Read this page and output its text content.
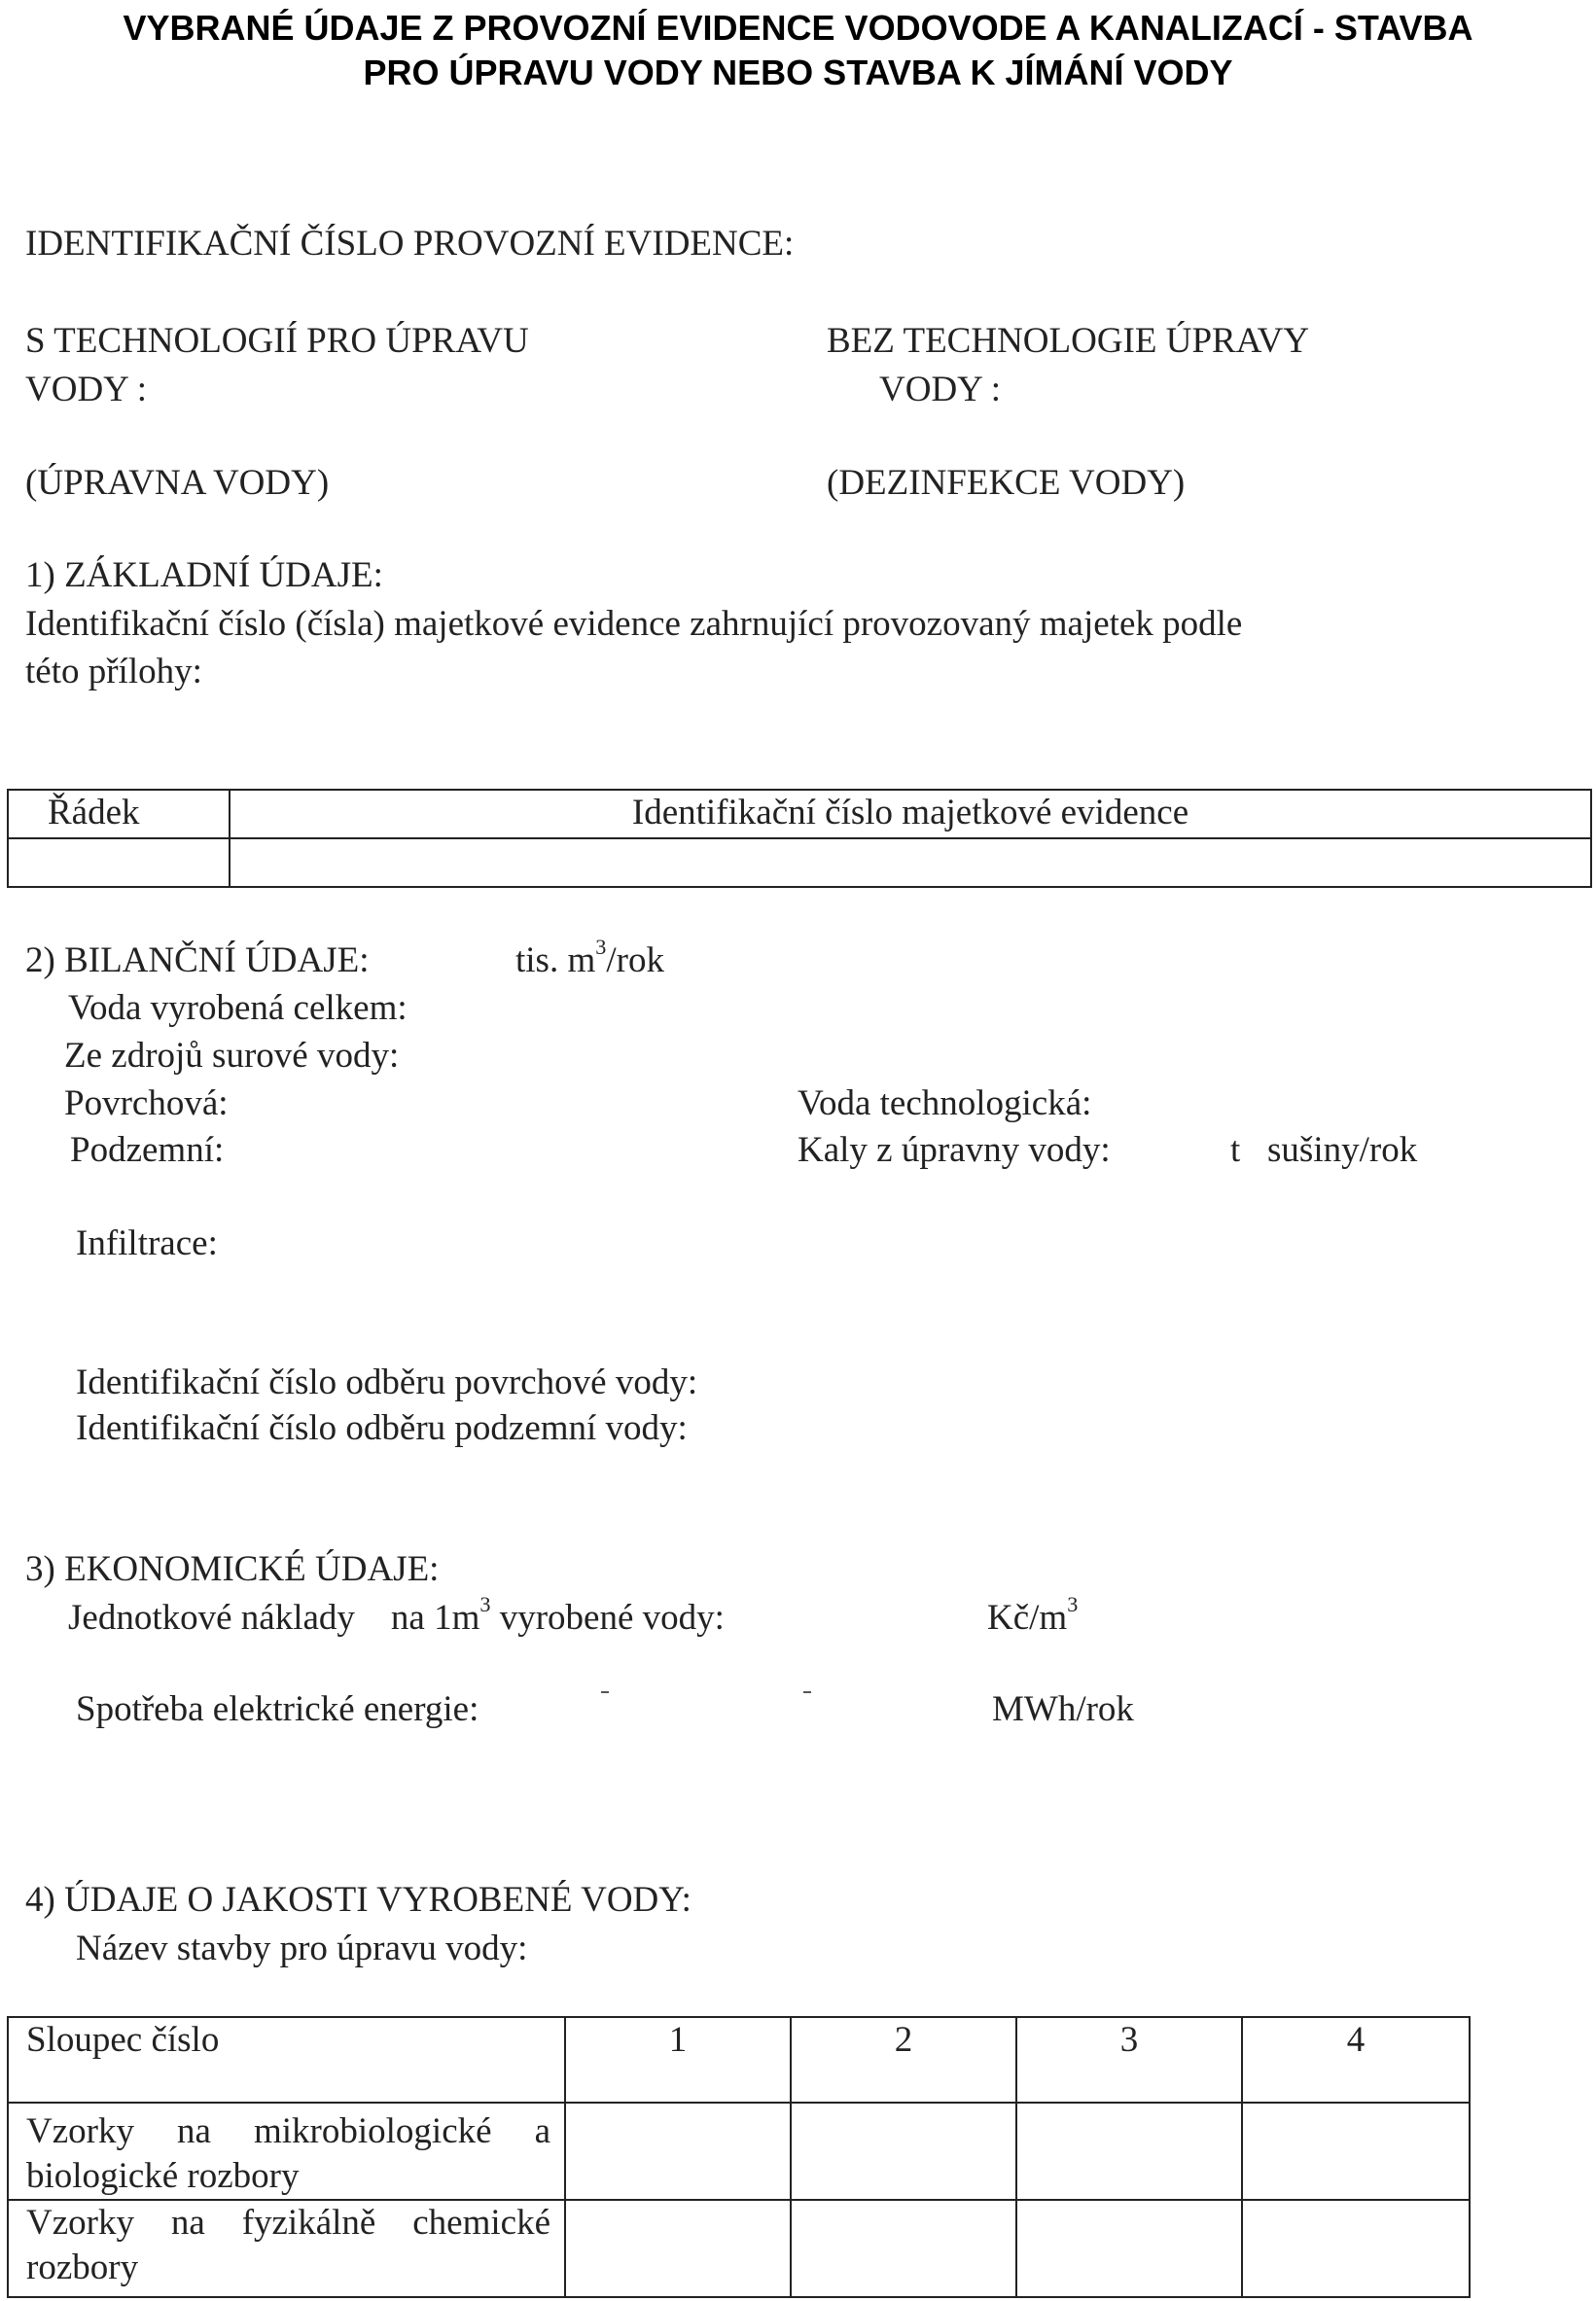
VYBRANÉ ÚDAJE Z PROVOZNÍ EVIDENCE VODOVODE A KANALIZACÍ - STAVBA
PRO ÚPRAVU VODY NEBO STAVBA K JÍMÁNÍ VODY
IDENTIFIKAČNÍ ČÍSLO PROVOZNÍ EVIDENCE:
S TECHNOLOGIÍ PRO ÚPRAVU
VODY :
BEZ TECHNOLOGIE ÚPRAVY
VODY :
(ÚPRAVNA VODY)	(DEZINFEKCE VODY)
1) ZÁKLADNÍ ÚDAJE:
Identifikační číslo (čísla) majetkové evidence zahrnující provozovaný majetek podle
této přílohy:
Řádek	Identifikační číslo majetkové evidence

2) BILANČNÍ ÚDAJE:	tis. $m^3$/rok
Voda vyrobená celkem:
Ze zdrojů surové vody:
Povrchová:
Podzemní:
Voda technologická:
Kaly z úpravny vody:	t   sušiny/rok
Infiltrace:
Identifikační číslo odběru povrchové vody:
Identifikační číslo odběru podzemní vody:
3) EKONOMICKÉ ÚDAJE:
Jednotkové náklady na $1m^3$ vyrobené vody:	$Kč/m^3$
Spotřeba elektrické energie:	MWh/rok
4) ÚDAJE O JAKOSTI VYROBENÉ VODY:
Název stavby pro úpravu vody:
Sloupec číslo	1	2	3	4

Vzorky na mikrobiologické a
biologické rozbory				

Vzorky na fyzikálně chemické
rozbory				
